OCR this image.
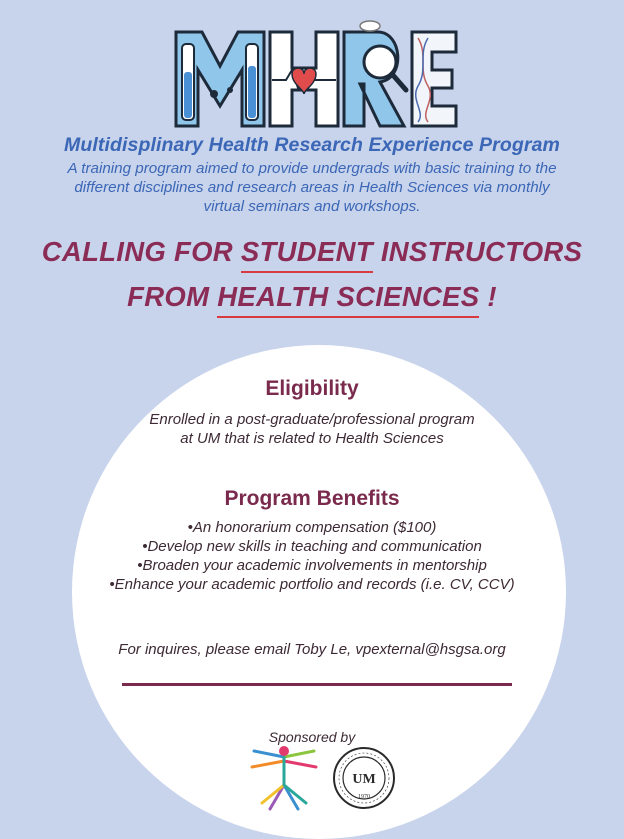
Multidisplinary Health Research Experience Program
A training program aimed to provide undergrads with basic training to the
different disciplines and research areas in Health Sciences via monthly
virtual seminars and workshops.
CALLING FOR STUDENT INSTRUCTORS
FROM HEALTH SCIENCES !
Eligibility
Enrolled in a post-graduate/professional program
at UM that is related to Health Sciences
Program Benefits
•An honorarium compensation ($100)
•Develop new skills in teaching and communication
•Broaden your academic involvements in mentorship
•Enhance your academic portfolio and records (i.e. CV, CCV)
For inquires, please email Toby Le, vpexternal@hsgsa.org
Sponsored by
UM
1970
